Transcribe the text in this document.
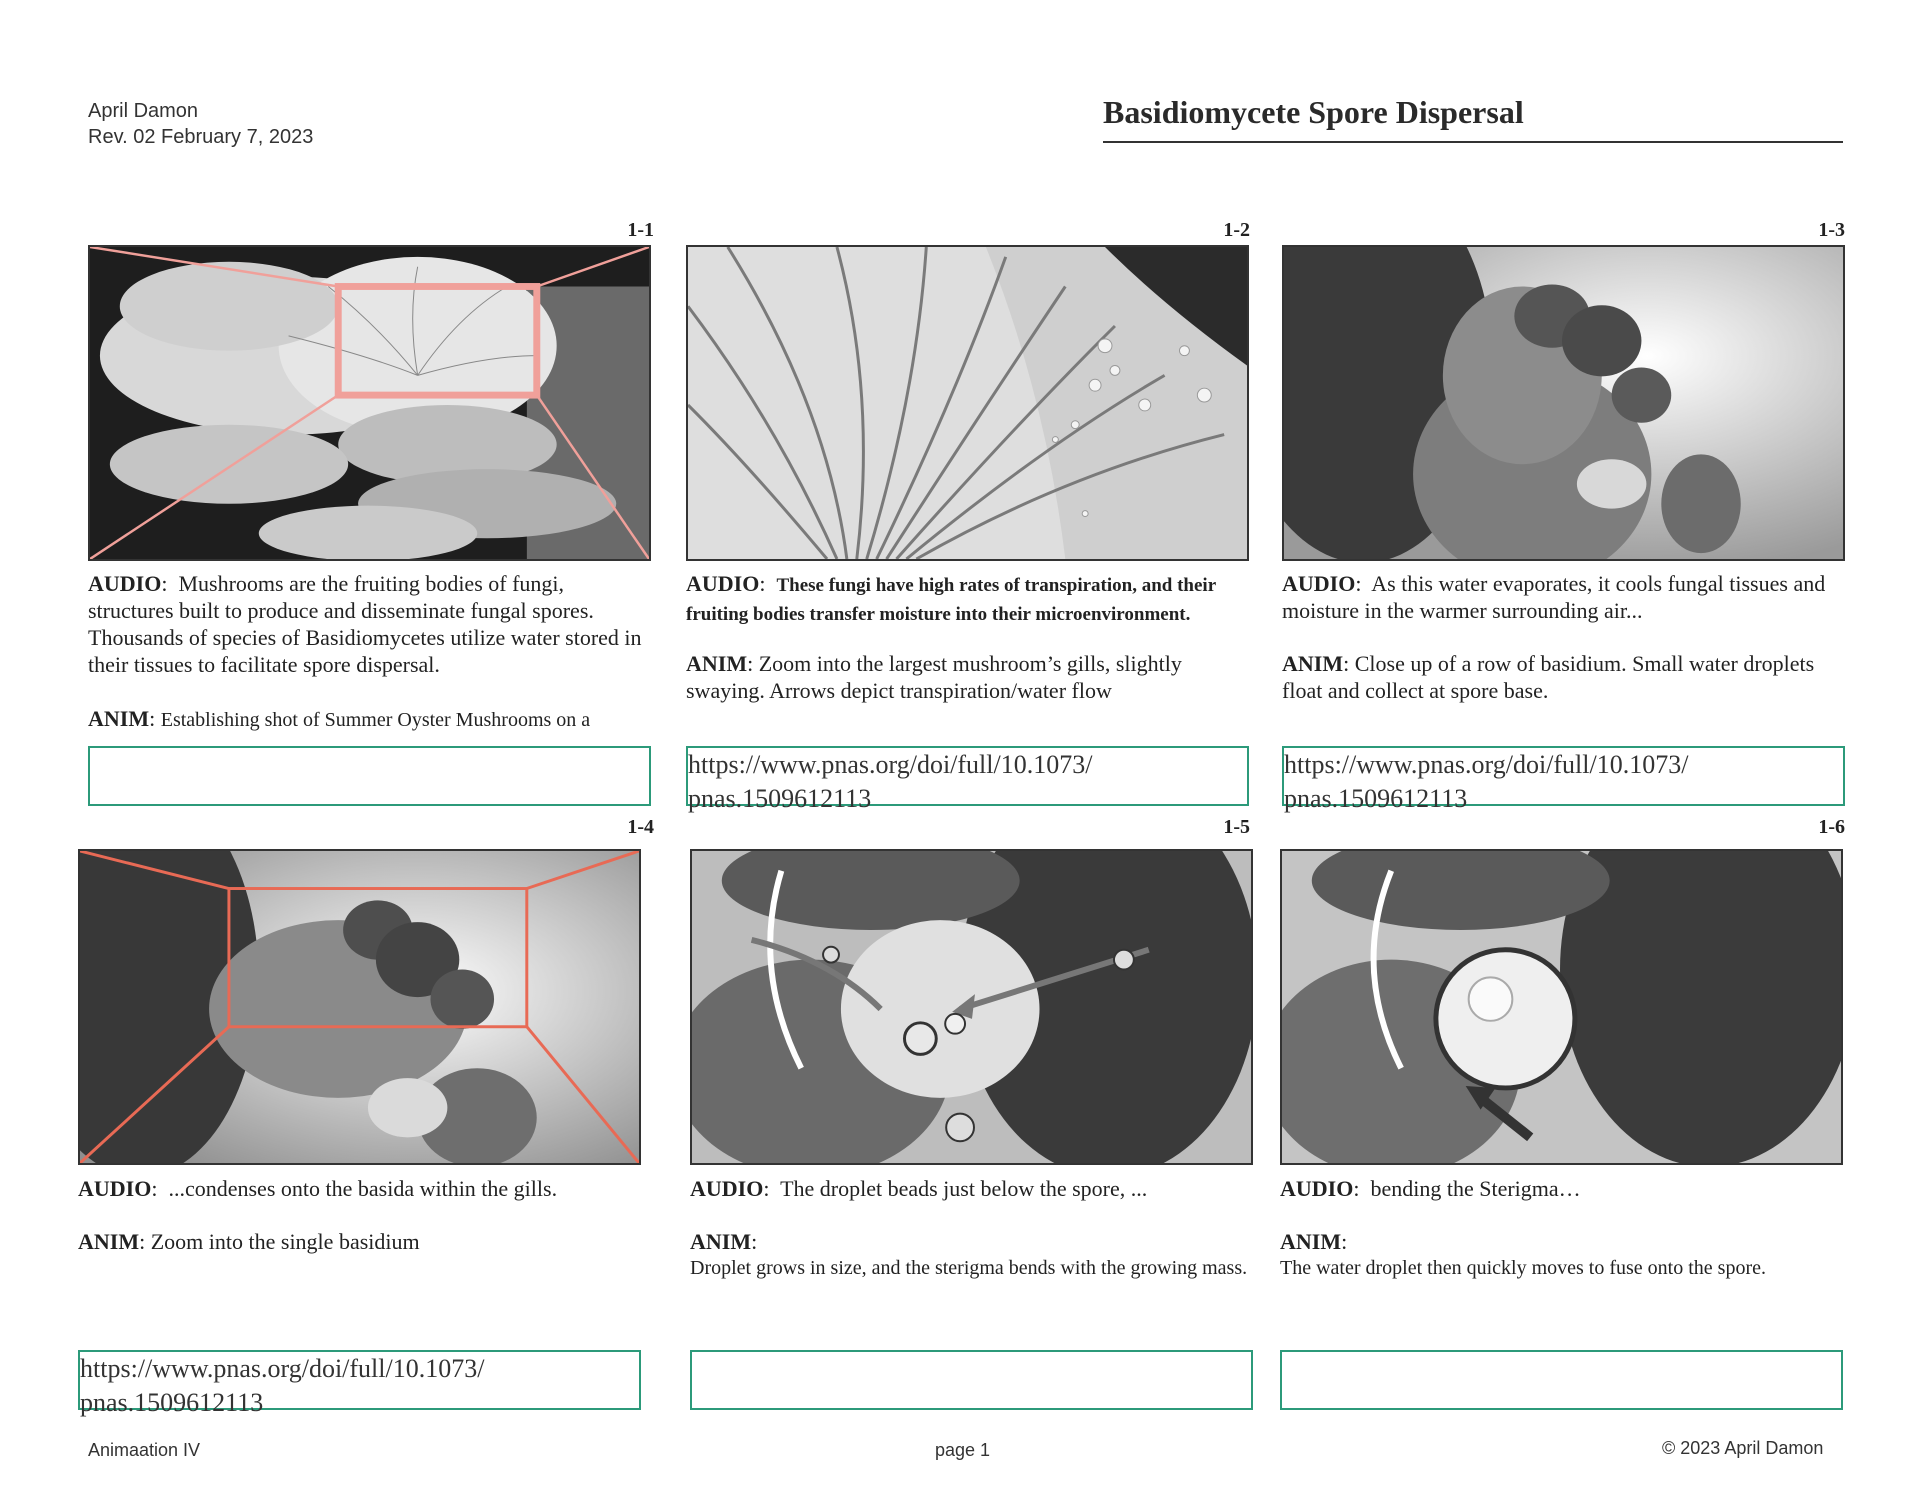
April Damon
Rev. 02 February 7, 2023
Basidiomycete Spore Dispersal
1-1	1-2	1-3
1-4	1-5	1-6
AUDIO:  Mushrooms are the fruiting bodies of fungi, structures built to produce and disseminate fungal spores. Thousands of species of Basidiomycetes utilize water stored in their tissues to facilitate spore dispersal.
ANIM: Establishing shot of Summer Oyster Mushrooms on a
AUDIO:  These fungi have high rates of transpiration, and their fruiting bodies transfer moisture into their microenvironment.
ANIM: Zoom into the largest mushroom’s gills, slightly swaying. Arrows depict transpiration/water flow
AUDIO:  As this water evaporates, it cools fungal tissues and moisture in the warmer surrounding air...
ANIM: Close up of a row of basidium. Small water droplets float and collect at spore base.
AUDIO:  ...condenses onto the basida within the gills.
ANIM: Zoom into the single basidium
AUDIO:  The droplet beads just below the spore, ...
ANIM:
Droplet grows in size, and the sterigma bends with the growing mass.
AUDIO:  bending the Sterigma…
ANIM:
The water droplet then quickly moves to fuse onto the spore.
https://www.pnas.org/doi/full/10.1073/ pnas.1509612113
https://www.pnas.org/doi/full/10.1073/ pnas.1509612113
https://www.pnas.org/doi/full/10.1073/ pnas.1509612113
Animaation IV	page 1	© 2023 April Damon
